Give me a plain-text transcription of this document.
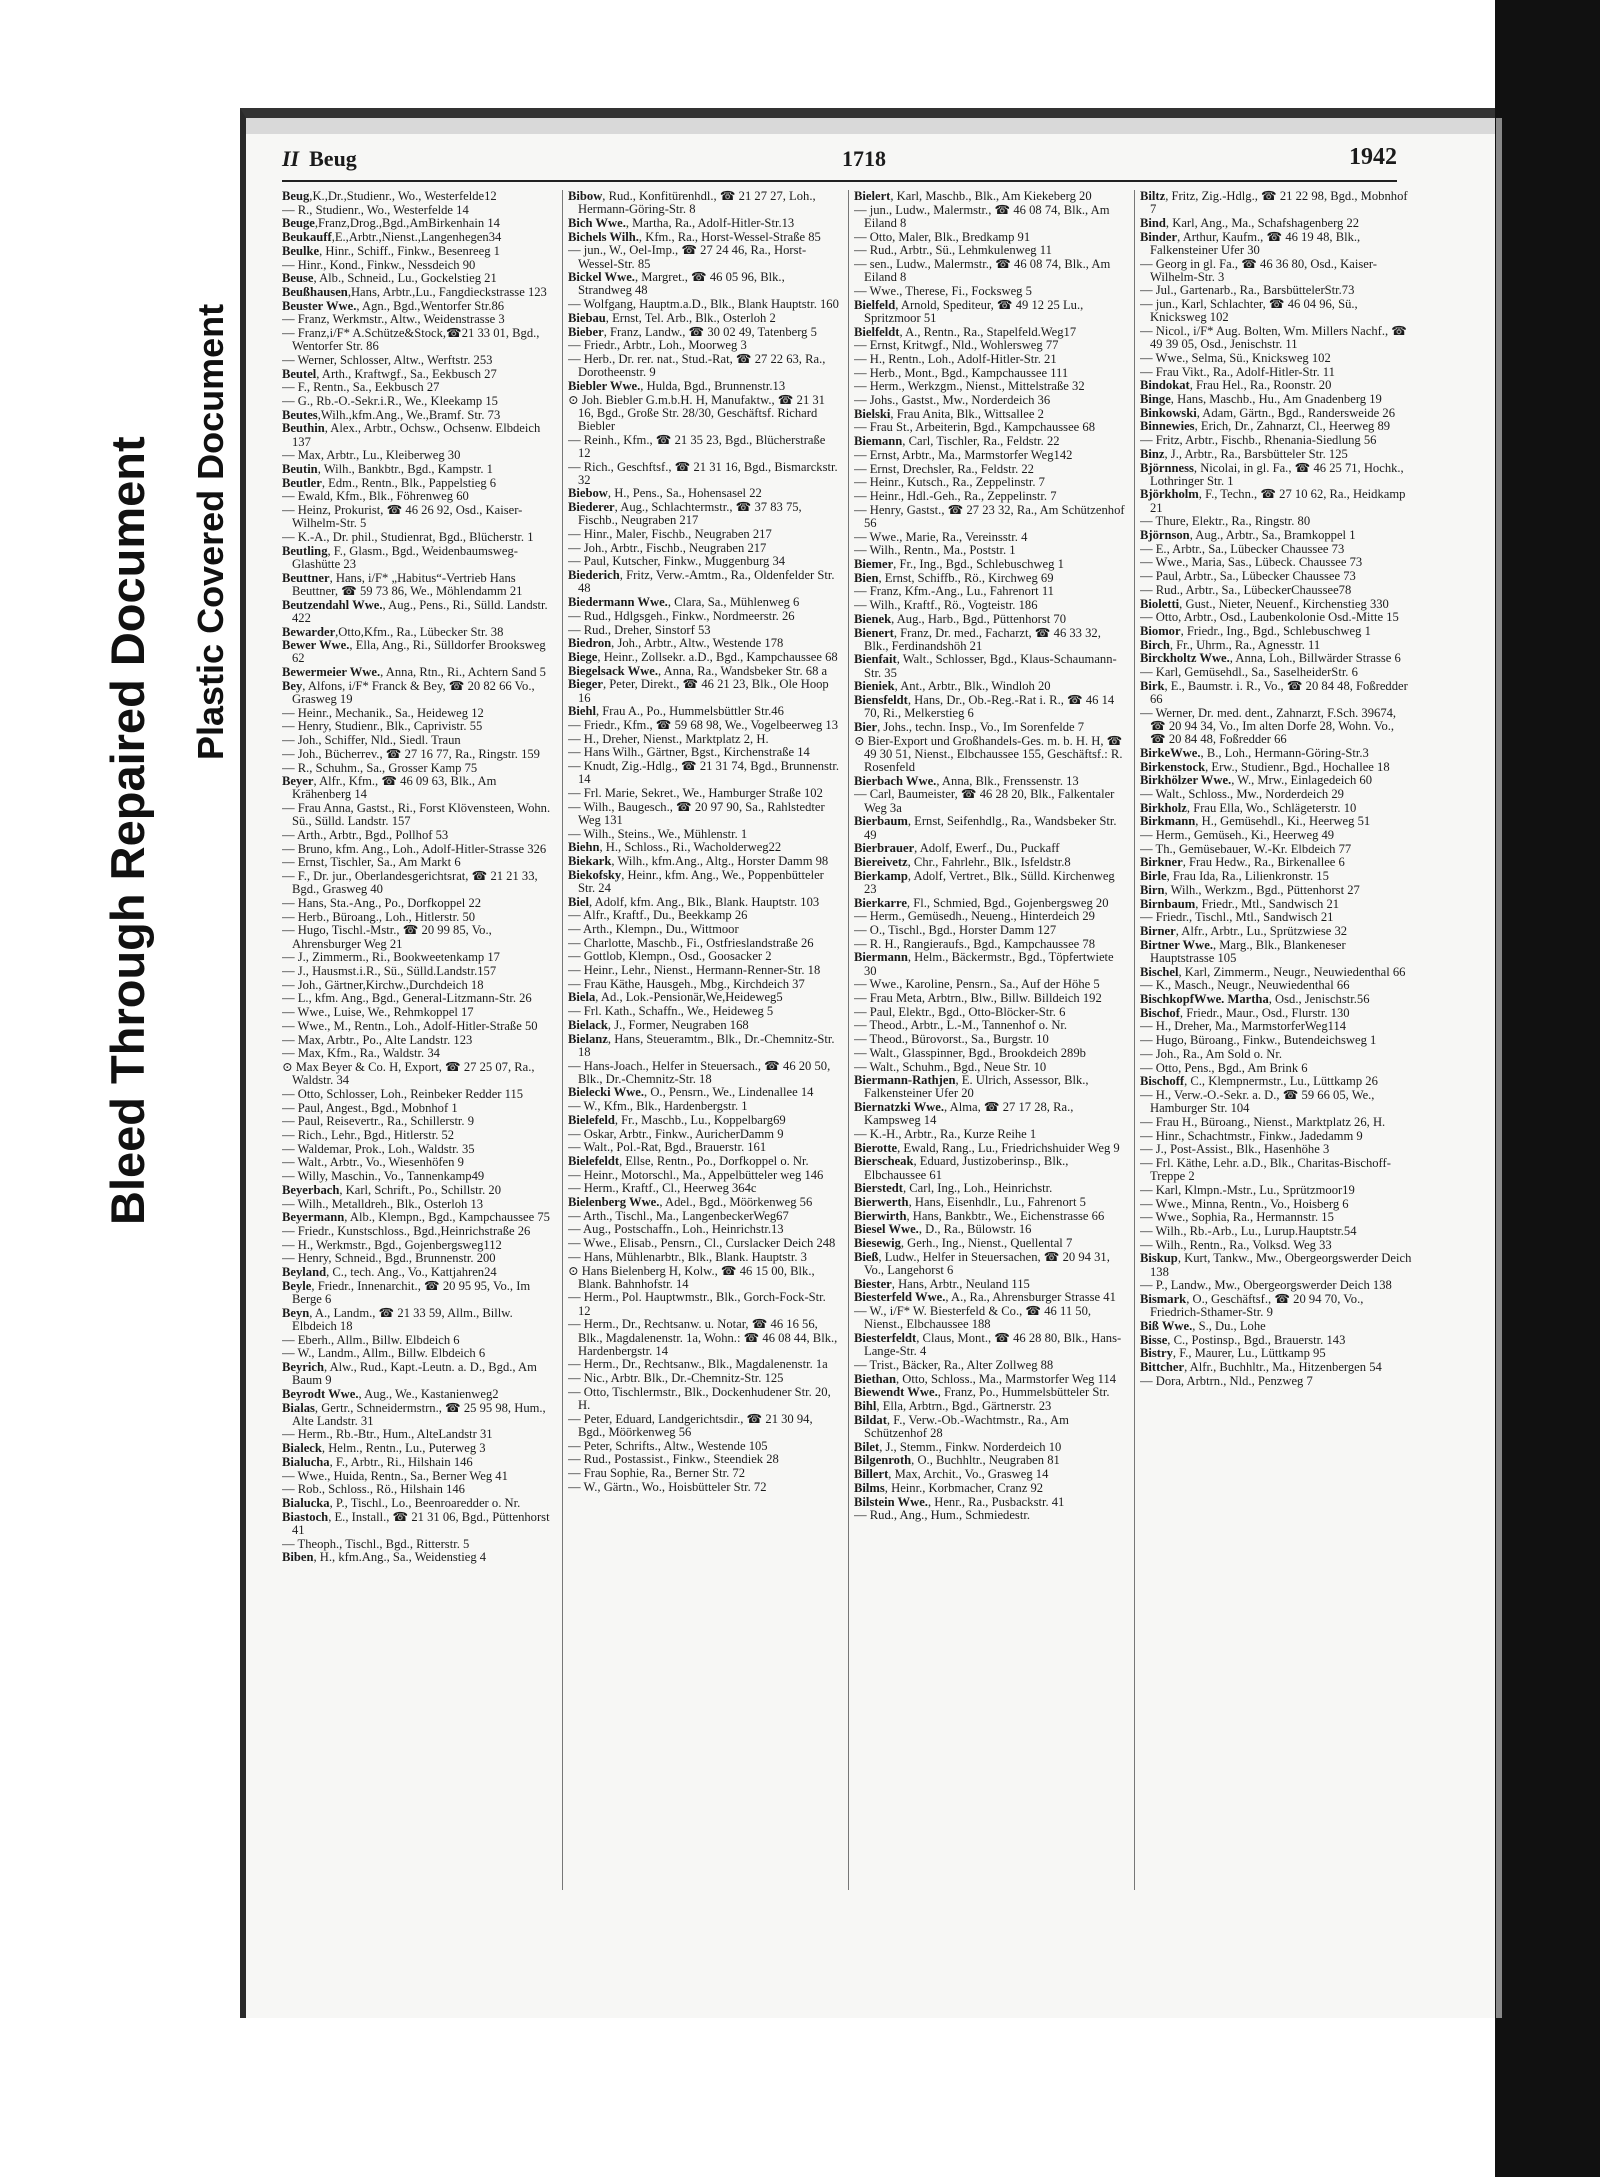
Bleed Through Repaired Document Plastic Covered Document
II Beug	1718	1942
Beug,K.,Dr.,Studienr., Wo., Westerfelde12
— R., Studienr., Wo., Westerfelde 14
Beuge,Franz,Drog.,Bgd.,AmBirkenhain 14
Beukauff,E.,Arbtr.,Nienst.,Langenhegen34
Beulke, Hinr., Schiff., Finkw., Besenreeg 1
— Hinr., Kond., Finkw., Nessdeich 90
Beuse, Alb., Schneid., Lu., Gockelstieg 21
Beußhausen,Hans, Arbtr.,Lu., Fangdieckstrasse 123
Beuster Wwe., Agn., Bgd.,Wentorfer Str.86
— Franz, Werkmstr., Altw., Weidenstrasse 3
— Franz,i/F* A.Schütze&Stock,☎21 33 01, Bgd., Wentorfer Str. 86
— Werner, Schlosser, Altw., Werftstr. 253
Beutel, Arth., Kraftwgf., Sa., Eekbusch 27
— F., Rentn., Sa., Eekbusch 27
— G., Rb.-O.-Sekr.i.R., We., Kleekamp 15
Beutes,Wilh.,kfm.Ang., We.,Bramf. Str. 73
Beuthin, Alex., Arbtr., Ochsw., Ochsenw. Elbdeich 137
— Max, Arbtr., Lu., Kleiberweg 30
Beutin, Wilh., Bankbtr., Bgd., Kampstr. 1
Beutler, Edm., Rentn., Blk., Pappelstieg 6
— Ewald, Kfm., Blk., Föhrenweg 60
— Heinz, Prokurist, ☎ 46 26 92, Osd., Kaiser-Wilhelm-Str. 5
— K.-A., Dr. phil., Studienrat, Bgd., Blücherstr. 1
Beutling, F., Glasm., Bgd., Weidenbaumsweg-Glashütte 23
Beuttner, Hans, i/F* „Habitus“-Vertrieb Hans Beuttner, ☎ 59 73 86, We., Möhlendamm 21
Beutzendahl Wwe., Aug., Pens., Ri., Sülld. Landstr. 422
Bewarder,Otto,Kfm., Ra., Lübecker Str. 38
Bewer Wwe., Ella, Ang., Ri., Sülldorfer Brooksweg 62
Bewermeier Wwe., Anna, Rtn., Ri., Achtern Sand 5
Bey, Alfons, i/F* Franck & Bey, ☎ 20 82 66 Vo., Grasweg 19
— Heinr., Mechanik., Sa., Heideweg 12
— Henry, Studienr., Blk., Caprivistr. 55
— Joh., Schiffer, Nld., Siedl. Traun
— Joh., Bücherrev., ☎ 27 16 77, Ra., Ringstr. 159
— R., Schuhm., Sa., Grosser Kamp 75
Beyer, Alfr., Kfm., ☎ 46 09 63, Blk., Am Krähenberg 14
— Frau Anna, Gastst., Ri., Forst Klövensteen, Wohn. Sü., Sülld. Landstr. 157
— Arth., Arbtr., Bgd., Pollhof 53
— Bruno, kfm. Ang., Loh., Adolf-Hitler-Strasse 326
— Ernst, Tischler, Sa., Am Markt 6
— F., Dr. jur., Oberlandesgerichtsrat, ☎ 21 21 33, Bgd., Grasweg 40
— Hans, Sta.-Ang., Po., Dorfkoppel 22
— Herb., Büroang., Loh., Hitlerstr. 50
— Hugo, Tischl.-Mstr., ☎ 20 99 85, Vo., Ahrensburger Weg 21
— J., Zimmerm., Ri., Bookweetenkamp 17
— J., Hausmst.i.R., Sü., Sülld.Landstr.157
— Joh., Gärtner,Kirchw.,Durchdeich 18
— L., kfm. Ang., Bgd., General-Litzmann-Str. 26
— Wwe., Luise, We., Rehmkoppel 17
— Wwe., M., Rentn., Loh., Adolf-Hitler-Straße 50
— Max, Arbtr., Po., Alte Landstr. 123
— Max, Kfm., Ra., Waldstr. 34
⊙ Max Beyer & Co. H, Export, ☎ 27 25 07, Ra., Waldstr. 34
— Otto, Schlosser, Loh., Reinbeker Redder 115
— Paul, Angest., Bgd., Mobnhof 1
— Paul, Reisevertr., Ra., Schillerstr. 9
— Rich., Lehr., Bgd., Hitlerstr. 52
— Waldemar, Prok., Loh., Waldstr. 35
— Walt., Arbtr., Vo., Wiesenhöfen 9
— Willy, Maschin., Vo., Tannenkamp49
Beyerbach, Karl, Schrift., Po., Schillstr. 20
— Wilh., Metalldreh., Blk., Osterloh 13
Beyermann, Alb., Klempn., Bgd., Kampchaussee 75
— Friedr., Kunstschloss., Bgd.,Heinrichstraße 26
— H., Werkmstr., Bgd., Gojenbergsweg112
— Henry, Schneid., Bgd., Brunnenstr. 200
Beyland, C., tech. Ang., Vo., Kattjahren24
Beyle, Friedr., Innenarchit., ☎ 20 95 95, Vo., Im Berge 6
Beyn, A., Landm., ☎ 21 33 59, Allm., Billw. Elbdeich 18
— Eberh., Allm., Billw. Elbdeich 6
— W., Landm., Allm., Billw. Elbdeich 6
Beyrich, Alw., Rud., Kapt.-Leutn. a. D., Bgd., Am Baum 9
Beyrodt Wwe., Aug., We., Kastanienweg2
Bialas, Gertr., Schneidermstrn., ☎ 25 95 98, Hum., Alte Landstr. 31
— Herm., Rb.-Btr., Hum., AlteLandstr 31
Bialeck, Helm., Rentn., Lu., Puterweg 3
Bialucha, F., Arbtr., Ri., Hilshain 146
— Wwe., Huida, Rentn., Sa., Berner Weg 41
— Rob., Schloss., Rö., Hilshain 146
Bialucka, P., Tischl., Lo., Beenroaredder o. Nr.
Biastoch, E., Install., ☎ 21 31 06, Bgd., Püttenhorst 41
— Theoph., Tischl., Bgd., Ritterstr. 5
Biben, H., kfm.Ang., Sa., Weidenstieg 4
Bibow, Rud., Konfitürenhdl., ☎ 21 27 27, Loh., Hermann-Göring-Str. 8
Bich Wwe., Martha, Ra., Adolf-Hitler-Str.13
Bichels Wilh., Kfm., Ra., Horst-Wessel-Straße 85
— jun., W., Oel-Imp., ☎ 27 24 46, Ra., Horst-Wessel-Str. 85
Bickel Wwe., Margret., ☎ 46 05 96, Blk., Strandweg 48
— Wolfgang, Hauptm.a.D., Blk., Blank Hauptstr. 160
Biebau, Ernst, Tel. Arb., Blk., Osterloh 2
Bieber, Franz, Landw., ☎ 30 02 49, Tatenberg 5
— Friedr., Arbtr., Loh., Moorweg 3
— Herb., Dr. rer. nat., Stud.-Rat, ☎ 27 22 63, Ra., Dorotheenstr. 9
Biebler Wwe., Hulda, Bgd., Brunnenstr.13
⊙ Joh. Biebler G.m.b.H. H, Manufaktw., ☎ 21 31 16, Bgd., Große Str. 28/30, Geschäftsf. Richard Biebler
— Reinh., Kfm., ☎ 21 35 23, Bgd., Blücherstraße 12
— Rich., Geschftsf., ☎ 21 31 16, Bgd., Bismarckstr. 32
Biebow, H., Pens., Sa., Hohensasel 22
Biederer, Aug., Schlachtermstr., ☎ 37 83 75, Fischb., Neugraben 217
— Hinr., Maler, Fischb., Neugraben 217
— Joh., Arbtr., Fischb., Neugraben 217
— Paul, Kutscher, Finkw., Muggenburg 34
Biederich, Fritz, Verw.-Amtm., Ra., Oldenfelder Str. 48
Biedermann Wwe., Clara, Sa., Mühlenweg 6
— Rud., Hdlgsgeh., Finkw., Nordmeerstr. 26
— Rud., Dreher, Sinstorf 53
Biedron, Joh., Arbtr., Altw., Westende 178
Biege, Heinr., Zollsekr. a.D., Bgd., Kampchaussee 68
Biegelsack Wwe., Anna, Ra., Wandsbeker Str. 68 a
Bieger, Peter, Direkt., ☎ 46 21 23, Blk., Ole Hoop 16
Biehl, Frau A., Po., Hummelsbüttler Str.46
— Friedr., Kfm., ☎ 59 68 98, We., Vogelbeerweg 13
— H., Dreher, Nienst., Marktplatz 2, H.
— Hans Wilh., Gärtner, Bgst., Kirchenstraße 14
— Knudt, Zig.-Hdlg., ☎ 21 31 74, Bgd., Brunnenstr. 14
— Frl. Marie, Sekret., We., Hamburger Straße 102
— Wilh., Baugesch., ☎ 20 97 90, Sa., Rahlstedter Weg 131
— Wilh., Steins., We., Mühlenstr. 1
Biehn, H., Schloss., Ri., Wacholderweg22
Biekark, Wilh., kfm.Ang., Altg., Horster Damm 98
Biekofsky, Heinr., kfm. Ang., We., Poppenbütteler Str. 24
Biel, Adolf, kfm. Ang., Blk., Blank. Hauptstr. 103
— Alfr., Kraftf., Du., Beekkamp 26
— Arth., Klempn., Du., Wittmoor
— Charlotte, Maschb., Fi., Ostfrieslandstraße 26
— Gottlob, Klempn., Osd., Goosacker 2
— Heinr., Lehr., Nienst., Hermann-Renner-Str. 18
— Frau Käthe, Hausgeh., Mbg., Kirchdeich 37
Biela, Ad., Lok.-Pensionär,We,Heideweg5
— Frl. Kath., Schaffn., We., Heideweg 5
Bielack, J., Former, Neugraben 168
Bielanz, Hans, Steueramtm., Blk., Dr.-Chemnitz-Str. 18
— Hans-Joach., Helfer in Steuersach., ☎ 46 20 50, Blk., Dr.-Chemnitz-Str. 18
Bielecki Wwe., O., Pensrn., We., Lindenallee 14
— W., Kfm., Blk., Hardenbergstr. 1
Bielefeld, Fr., Maschb., Lu., Koppelbarg69
— Oskar, Arbtr., Finkw., AuricherDamm 9
— Walt., Pol.-Rat, Bgd., Brauerstr. 161
Bielefeldt, Ellse, Rentn., Po., Dorfkoppel o. Nr.
— Heinr., Motorschl., Ma., Appelbütteler weg 146
— Herm., Kraftf., Cl., Heerweg 364c
Bielenberg Wwe., Adel., Bgd., Möörkenweg 56
— Arth., Tischl., Ma., LangenbeckerWeg67
— Aug., Postschaffn., Loh., Heinrichstr.13
— Wwe., Elisab., Pensrn., Cl., Curslacker Deich 248
— Hans, Mühlenarbtr., Blk., Blank. Hauptstr. 3
⊙ Hans Bielenberg H, Kolw., ☎ 46 15 00, Blk., Blank. Bahnhofstr. 14
— Herm., Pol. Hauptwmstr., Blk., Gorch-Fock-Str. 12
— Herm., Dr., Rechtsanw. u. Notar, ☎ 46 16 56, Blk., Magdalenenstr. 1a, Wohn.: ☎ 46 08 44, Blk., Hardenbergstr. 14
— Herm., Dr., Rechtsanw., Blk., Magdalenenstr. 1a
— Nic., Arbtr. Blk., Dr.-Chemnitz-Str. 125
— Otto, Tischlermstr., Blk., Dockenhudener Str. 20, H.
— Peter, Eduard, Landgerichtsdir., ☎ 21 30 94, Bgd., Möörkenweg 56
— Peter, Schrifts., Altw., Westende 105
— Rud., Postassist., Finkw., Steendiek 28
— Frau Sophie, Ra., Berner Str. 72
— W., Gärtn., Wo., Hoisbütteler Str. 72
Bielert, Karl, Maschb., Blk., Am Kiekeberg 20
— jun., Ludw., Malermstr., ☎ 46 08 74, Blk., Am Eiland 8
— Otto, Maler, Blk., Bredkamp 91
— Rud., Arbtr., Sü., Lehmkulenweg 11
— sen., Ludw., Malermstr., ☎ 46 08 74, Blk., Am Eiland 8
— Wwe., Therese, Fi., Focksweg 5
Bielfeld, Arnold, Spediteur, ☎ 49 12 25 Lu., Spritzmoor 51
Bielfeldt, A., Rentn., Ra., Stapelfeld.Weg17
— Ernst, Kritwgf., Nld., Wohlersweg 77
— H., Rentn., Loh., Adolf-Hitler-Str. 21
— Herb., Mont., Bgd., Kampchaussee 111
— Herm., Werkzgm., Nienst., Mittelstraße 32
— Johs., Gastst., Mw., Norderdeich 36
Bielski, Frau Anita, Blk., Wittsallee 2
— Frau St., Arbeiterin, Bgd., Kampchaussee 68
Biemann, Carl, Tischler, Ra., Feldstr. 22
— Ernst, Arbtr., Ma., Marmstorfer Weg142
— Ernst, Drechsler, Ra., Feldstr. 22
— Heinr., Kutsch., Ra., Zeppelinstr. 7
— Heinr., Hdl.-Geh., Ra., Zeppelinstr. 7
— Henry, Gastst., ☎ 27 23 32, Ra., Am Schützenhof 56
— Wwe., Marie, Ra., Vereinsstr. 4
— Wilh., Rentn., Ma., Poststr. 1
Biemer, Fr., Ing., Bgd., Schlebuschweg 1
Bien, Ernst, Schiffb., Rö., Kirchweg 69
— Franz, Kfm.-Ang., Lu., Fahrenort 11
— Wilh., Kraftf., Rö., Vogteistr. 186
Bienek, Aug., Harb., Bgd., Püttenhorst 70
Bienert, Franz, Dr. med., Facharzt, ☎ 46 33 32, Blk., Ferdinandshöh 21
Bienfait, Walt., Schlosser, Bgd., Klaus-Schaumann-Str. 35
Bieniek, Ant., Arbtr., Blk., Windloh 20
Biensfeldt, Hans, Dr., Ob.-Reg.-Rat i. R., ☎ 46 14 70, Ri., Melkerstieg 6
Bier, Johs., techn. Insp., Vo., Im Sorenfelde 7
⊙ Bier-Export und Großhandels-Ges. m. b. H. H, ☎ 49 30 51, Nienst., Elbchaussee 155, Geschäftsf.: R. Rosenfeld
Bierbach Wwe., Anna, Blk., Frenssenstr. 13
— Carl, Baumeister, ☎ 46 28 20, Blk., Falkentaler Weg 3a
Bierbaum, Ernst, Seifenhdlg., Ra., Wandsbeker Str. 49
Bierbrauer, Adolf, Ewerf., Du., Puckaff
Biereivetz, Chr., Fahrlehr., Blk., Isfeldstr.8
Bierkamp, Adolf, Vertret., Blk., Sülld. Kirchenweg 23
Bierkarre, Fl., Schmied, Bgd., Gojenbergsweg 20
— Herm., Gemüsedh., Neueng., Hinterdeich 29
— O., Tischl., Bgd., Horster Damm 127
— R. H., Rangieraufs., Bgd., Kampchaussee 78
Biermann, Helm., Bäckermstr., Bgd., Töpfertwiete 30
— Wwe., Karoline, Pensrn., Sa., Auf der Höhe 5
— Frau Meta, Arbtrn., Blw., Billw. Billdeich 192
— Paul, Elektr., Bgd., Otto-Blöcker-Str. 6
— Theod., Arbtr., L.-M., Tannenhof o. Nr.
— Theod., Bürovorst., Sa., Burgstr. 10
— Walt., Glasspinner, Bgd., Brookdeich 289b
— Walt., Schuhm., Bgd., Neue Str. 10
Biermann-Rathjen, E. Ulrich, Assessor, Blk., Falkensteiner Ufer 20
Biernatzki Wwe., Alma, ☎ 27 17 28, Ra., Kampsweg 14
— K.-H., Arbtr., Ra., Kurze Reihe 1
Bierotte, Ewald, Rang., Lu., Friedrichshuider Weg 9
Bierscheak, Eduard, Justizoberinsp., Blk., Elbchaussee 61
Bierstedt, Carl, Ing., Loh., Heinrichstr.
Bierwerth, Hans, Eisenhdlr., Lu., Fahrenort 5
Bierwirth, Hans, Bankbtr., We., Eichenstrasse 66
Biesel Wwe., D., Ra., Bülowstr. 16
Biesewig, Gerh., Ing., Nienst., Quellental 7
Bieß, Ludw., Helfer in Steuersachen, ☎ 20 94 31, Vo., Langehorst 6
Biester, Hans, Arbtr., Neuland 115
Biesterfeld Wwe., A., Ra., Ahrensburger Strasse 41
— W., i/F* W. Biesterfeld & Co., ☎ 46 11 50, Nienst., Elbchaussee 188
Biesterfeldt, Claus, Mont., ☎ 46 28 80, Blk., Hans-Lange-Str. 4
— Trist., Bäcker, Ra., Alter Zollweg 88
Biethan, Otto, Schloss., Ma., Marmstorfer Weg 114
Biewendt Wwe., Franz, Po., Hummelsbütteler Str.
Bihl, Ella, Arbtrn., Bgd., Gärtnerstr. 23
Bildat, F., Verw.-Ob.-Wachtmstr., Ra., Am Schützenhof 28
Bilet, J., Stemm., Finkw. Norderdeich 10
Bilgenroth, O., Buchhltr., Neugraben 81
Billert, Max, Archit., Vo., Grasweg 14
Bilms, Heinr., Korbmacher, Cranz 92
Bilstein Wwe., Henr., Ra., Pusbackstr. 41
— Rud., Ang., Hum., Schmiedestr.
Biltz, Fritz, Zig.-Hdlg., ☎ 21 22 98, Bgd., Mobnhof 7
Bind, Karl, Ang., Ma., Schafshagenberg 22
Binder, Arthur, Kaufm., ☎ 46 19 48, Blk., Falkensteiner Ufer 30
— Georg in gl. Fa., ☎ 46 36 80, Osd., Kaiser-Wilhelm-Str. 3
— Jul., Gartenarb., Ra., BarsbüttelerStr.73
— jun., Karl, Schlachter, ☎ 46 04 96, Sü., Knicksweg 102
— Nicol., i/F* Aug. Bolten, Wm. Millers Nachf., ☎ 49 39 05, Osd., Jenischstr. 11
— Wwe., Selma, Sü., Knicksweg 102
— Frau Vikt., Ra., Adolf-Hitler-Str. 11
Bindokat, Frau Hel., Ra., Roonstr. 20
Binge, Hans, Maschb., Hu., Am Gnadenberg 19
Binkowski, Adam, Gärtn., Bgd., Randersweide 26
Binnewies, Erich, Dr., Zahnarzt, Cl., Heerweg 89
— Fritz, Arbtr., Fischb., Rhenania-Siedlung 56
Binz, J., Arbtr., Ra., Barsbütteler Str. 125
Björnness, Nicolai, in gl. Fa., ☎ 46 25 71, Hochk., Lothringer Str. 1
Björkholm, F., Techn., ☎ 27 10 62, Ra., Heidkamp 21
— Thure, Elektr., Ra., Ringstr. 80
Björnson, Aug., Arbtr., Sa., Bramkoppel 1
— E., Arbtr., Sa., Lübecker Chaussee 73
— Wwe., Maria, Sas., Lübeck. Chaussee 73
— Paul, Arbtr., Sa., Lübecker Chaussee 73
— Rud., Arbtr., Sa., LübeckerChaussee78
Bioletti, Gust., Nieter, Neuenf., Kirchenstieg 330
— Otto, Arbtr., Osd., Laubenkolonie Osd.-Mitte 15
Biomor, Friedr., Ing., Bgd., Schlebuschweg 1
Birch, Fr., Uhrm., Ra., Agnesstr. 11
Birckholtz Wwe., Anna, Loh., Billwärder Strasse 6
— Karl, Gemüsehdl., Sa., SaselheiderStr. 6
Birk, E., Baumstr. i. R., Vo., ☎ 20 84 48, Foßredder 66
— Werner, Dr. med. dent., Zahnarzt, F.Sch. 39674, ☎ 20 94 34, Vo., Im alten Dorfe 28, Wohn. Vo., ☎ 20 84 48, Foßredder 66
BirkeWwe., B., Loh., Hermann-Göring-Str.3
Birkenstock, Erw., Studienr., Bgd., Hochallee 18
Birkhölzer Wwe., W., Mrw., Einlagedeich 60
— Walt., Schloss., Mw., Norderdeich 29
Birkholz, Frau Ella, Wo., Schlägeterstr. 10
Birkmann, H., Gemüsehdl., Ki., Heerweg 51
— Herm., Gemüseh., Ki., Heerweg 49
— Th., Gemüsebauer, W.-Kr. Elbdeich 77
Birkner, Frau Hedw., Ra., Birkenallee 6
Birle, Frau Ida, Ra., Lilienkronstr. 15
Birn, Wilh., Werkzm., Bgd., Püttenhorst 27
Birnbaum, Friedr., Mtl., Sandwisch 21
— Friedr., Tischl., Mtl., Sandwisch 21
Birner, Alfr., Arbtr., Lu., Sprützwiese 32
Birtner Wwe., Marg., Blk., Blankeneser Hauptstrasse 105
Bischel, Karl, Zimmerm., Neugr., Neuwiedenthal 66
— K., Masch., Neugr., Neuwiedenthal 66
BischkopfWwe. Martha, Osd., Jenischstr.56
Bischof, Friedr., Maur., Osd., Flurstr. 130
— H., Dreher, Ma., MarmstorferWeg114
— Hugo, Büroang., Finkw., Butendeichsweg 1
— Joh., Ra., Am Sold o. Nr.
— Otto, Pens., Bgd., Am Brink 6
Bischoff, C., Klempnermstr., Lu., Lüttkamp 26
— H., Verw.-O.-Sekr. a. D., ☎ 59 66 05, We., Hamburger Str. 104
— Frau H., Büroang., Nienst., Marktplatz 26, H.
— Hinr., Schachtmstr., Finkw., Jadedamm 9
— J., Post-Assist., Blk., Hasenhöhe 3
— Frl. Käthe, Lehr. a.D., Blk., Charitas-Bischoff-Treppe 2
— Karl, Klmpn.-Mstr., Lu., Sprützmoor19
— Wwe., Minna, Rentn., Vo., Hoisberg 6
— Wwe., Sophia, Ra., Hermannstr. 15
— Wilh., Rb.-Arb., Lu., Lurup.Hauptstr.54
— Wilh., Rentn., Ra., Volksd. Weg 33
Biskup, Kurt, Tankw., Mw., Obergeorgswerder Deich 138
— P., Landw., Mw., Obergeorgswerder Deich 138
Bismark, O., Geschäftsf., ☎ 20 94 70, Vo., Friedrich-Sthamer-Str. 9
Biß Wwe., S., Du., Lohe
Bisse, C., Postinsp., Bgd., Brauerstr. 143
Bistry, F., Maurer, Lu., Lüttkamp 95
Bittcher, Alfr., Buchhltr., Ma., Hitzenbergen 54
— Dora, Arbtrn., Nld., Penzweg 7
